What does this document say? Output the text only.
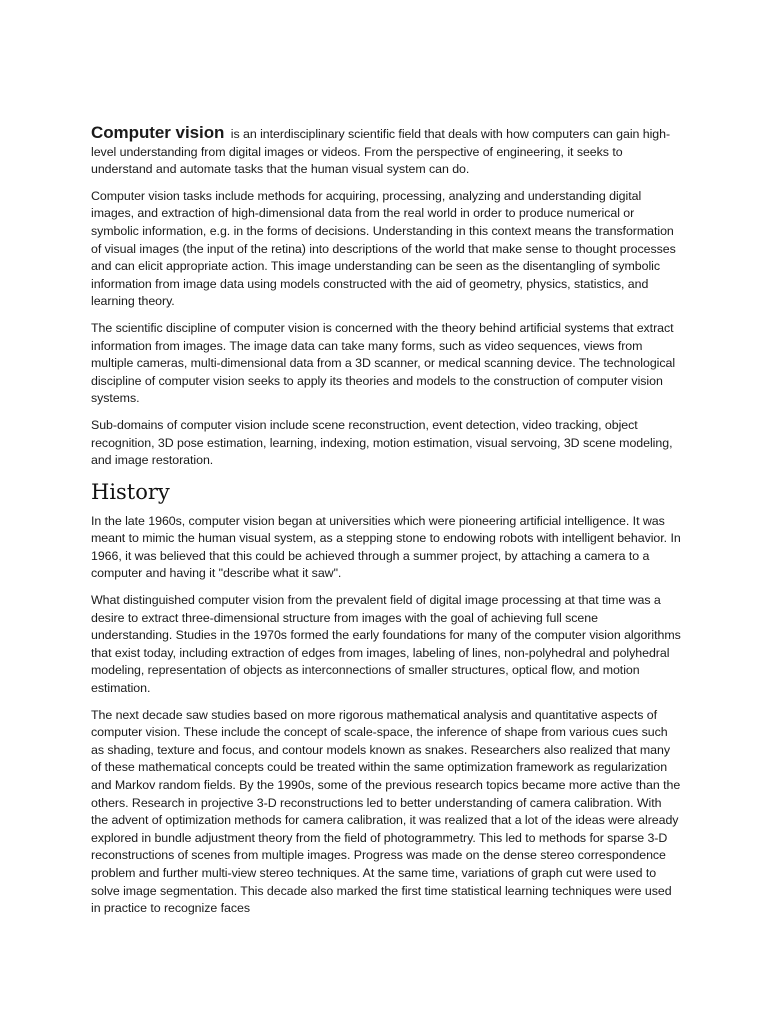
Computer vision is an interdisciplinary scientific field that deals with how computers can gain high-level understanding from digital images or videos. From the perspective of engineering, it seeks to understand and automate tasks that the human visual system can do.

Computer vision tasks include methods for acquiring, processing, analyzing and understanding digital images, and extraction of high-dimensional data from the real world in order to produce numerical or symbolic information, e.g. in the forms of decisions. Understanding in this context means the transformation of visual images (the input of the retina) into descriptions of the world that make sense to thought processes and can elicit appropriate action. This image understanding can be seen as the disentangling of symbolic information from image data using models constructed with the aid of geometry, physics, statistics, and learning theory.

The scientific discipline of computer vision is concerned with the theory behind artificial systems that extract information from images. The image data can take many forms, such as video sequences, views from multiple cameras, multi-dimensional data from a 3D scanner, or medical scanning device. The technological discipline of computer vision seeks to apply its theories and models to the construction of computer vision systems.

Sub-domains of computer vision include scene reconstruction, event detection, video tracking, object recognition, 3D pose estimation, learning, indexing, motion estimation, visual servoing, 3D scene modeling, and image restoration.

History

In the late 1960s, computer vision began at universities which were pioneering artificial intelligence. It was meant to mimic the human visual system, as a stepping stone to endowing robots with intelligent behavior. In 1966, it was believed that this could be achieved through a summer project, by attaching a camera to a computer and having it "describe what it saw".

What distinguished computer vision from the prevalent field of digital image processing at that time was a desire to extract three-dimensional structure from images with the goal of achieving full scene understanding. Studies in the 1970s formed the early foundations for many of the computer vision algorithms that exist today, including extraction of edges from images, labeling of lines, non-polyhedral and polyhedral modeling, representation of objects as interconnections of smaller structures, optical flow, and motion estimation.

The next decade saw studies based on more rigorous mathematical analysis and quantitative aspects of computer vision. These include the concept of scale-space, the inference of shape from various cues such as shading, texture and focus, and contour models known as snakes. Researchers also realized that many of these mathematical concepts could be treated within the same optimization framework as regularization and Markov random fields. By the 1990s, some of the previous research topics became more active than the others. Research in projective 3-D reconstructions led to better understanding of camera calibration. With the advent of optimization methods for camera calibration, it was realized that a lot of the ideas were already explored in bundle adjustment theory from the field of photogrammetry. This led to methods for sparse 3-D reconstructions of scenes from multiple images. Progress was made on the dense stereo correspondence problem and further multi-view stereo techniques. At the same time, variations of graph cut were used to solve image segmentation. This decade also marked the first time statistical learning techniques were used in practice to recognize faces
